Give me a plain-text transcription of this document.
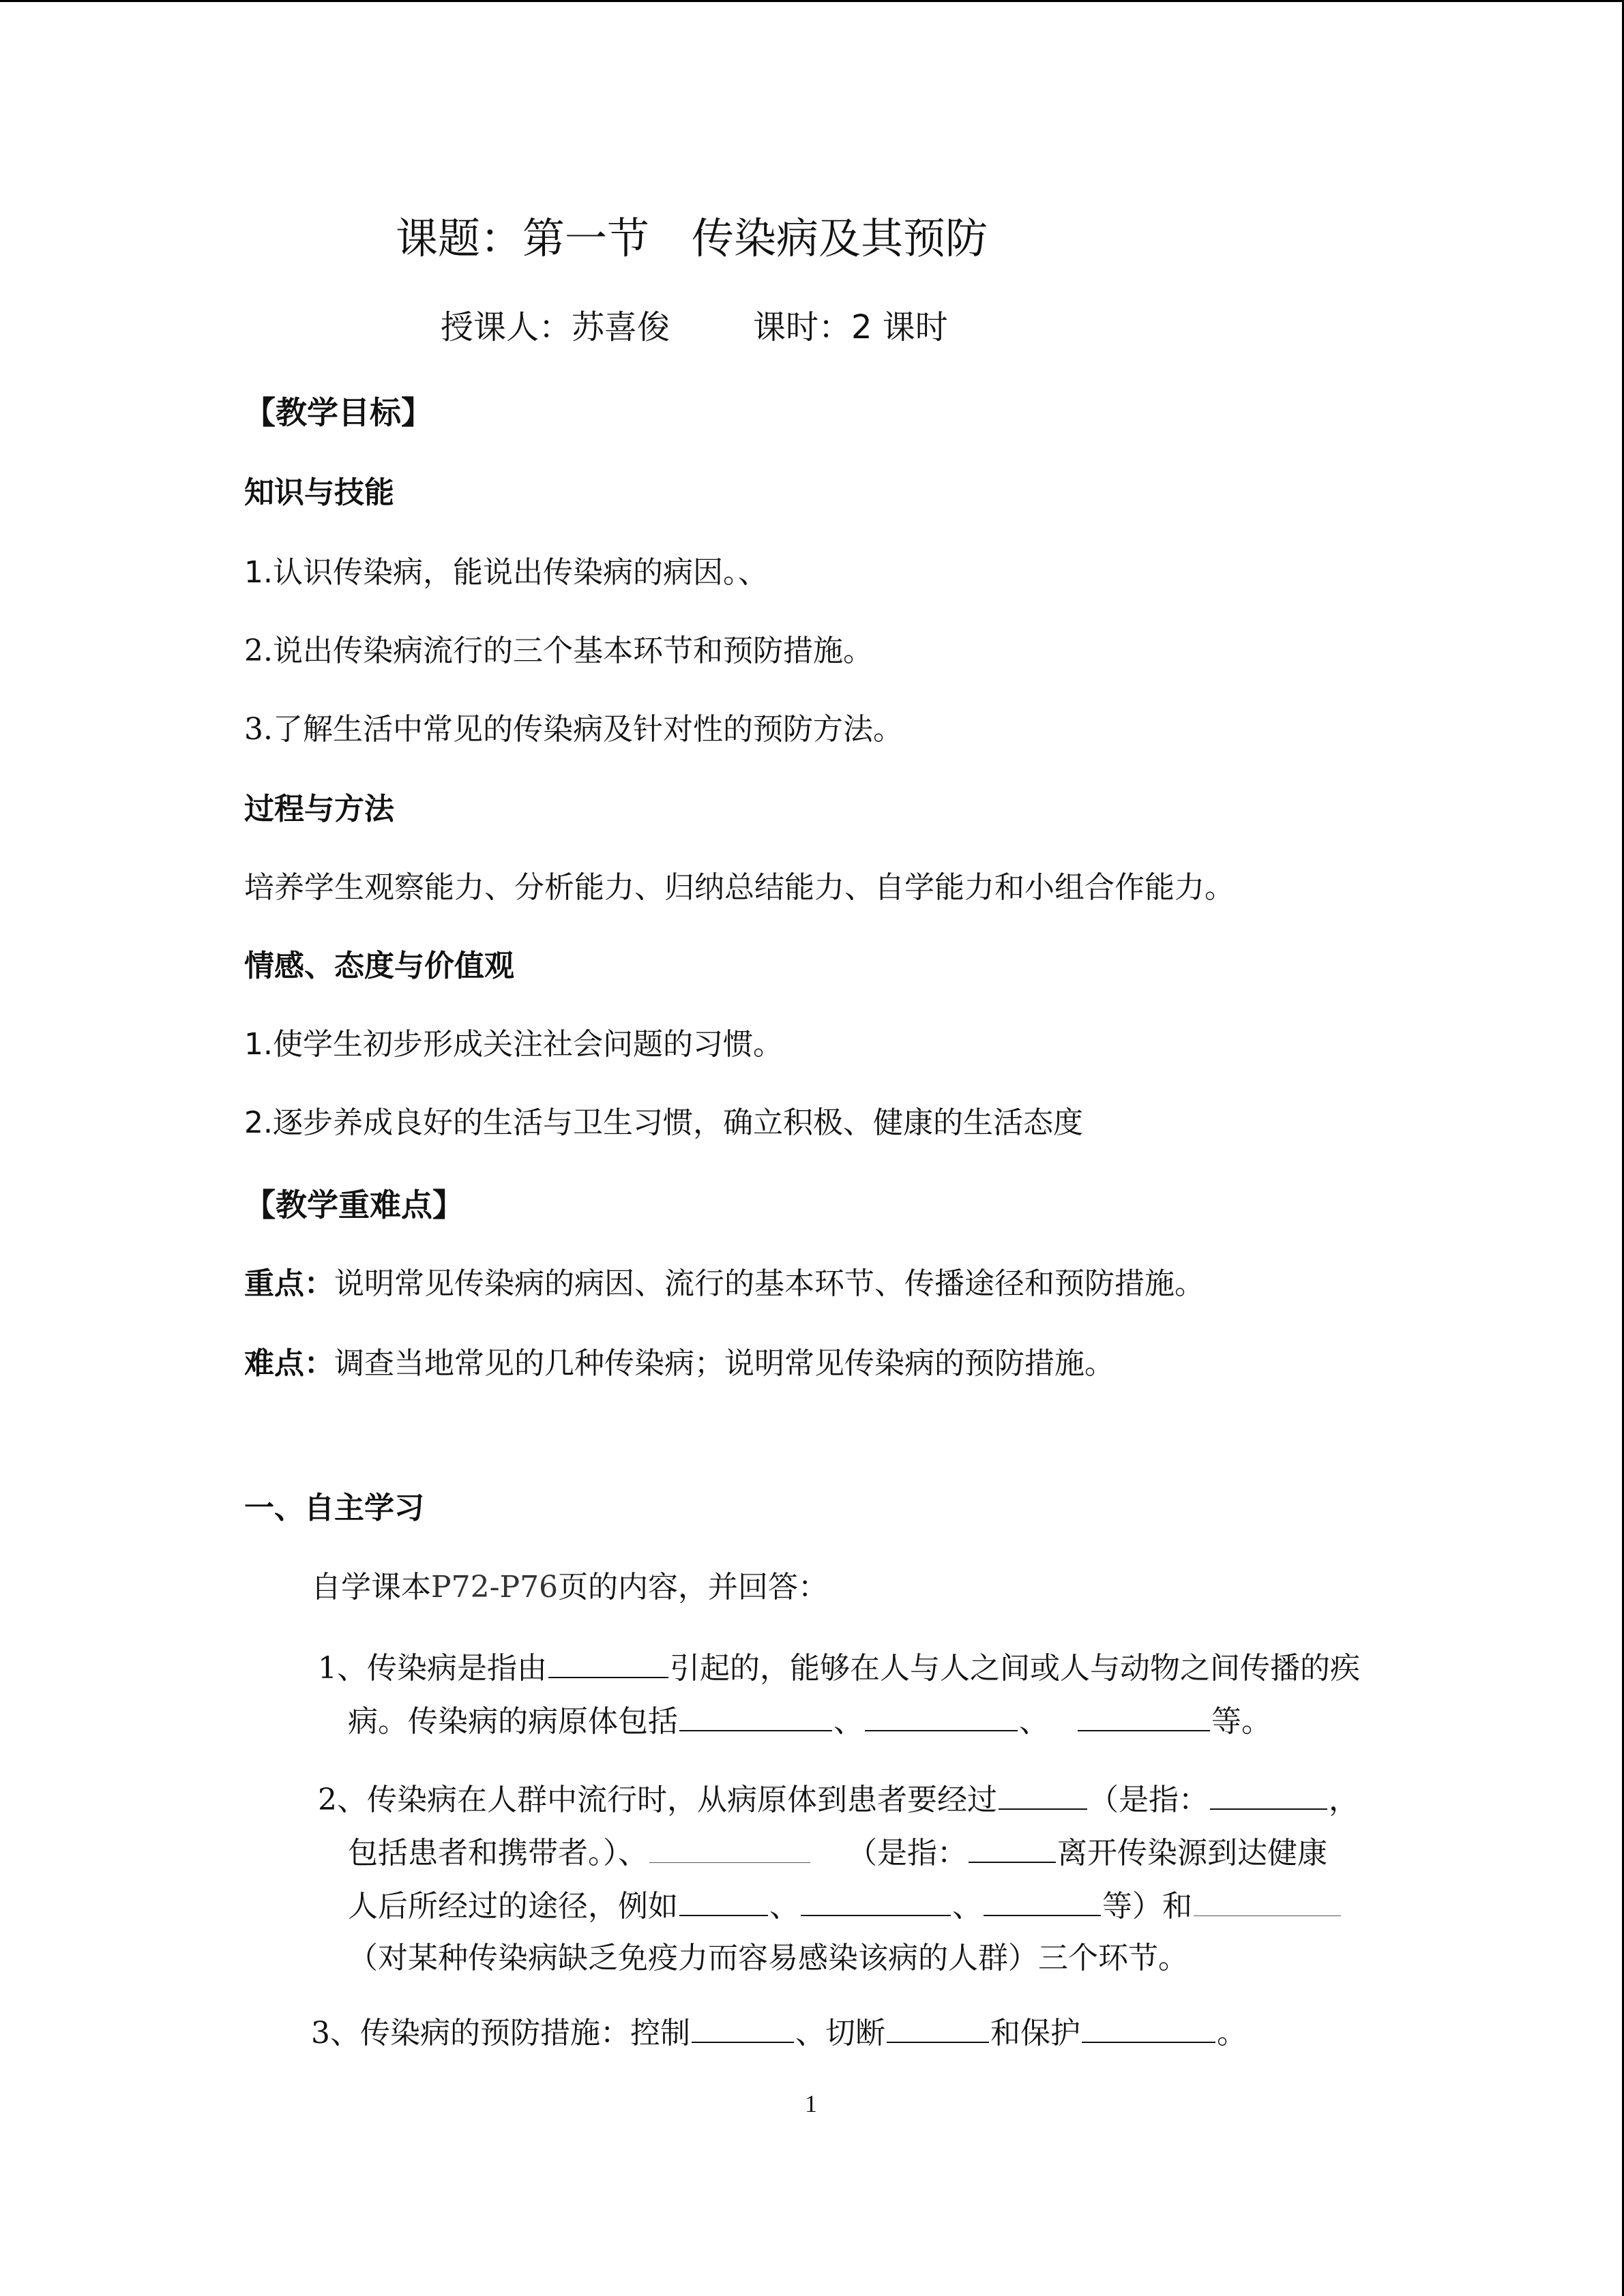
课题：第一节　传染病及其预防
授课人：苏喜俊	课时：2 课时
【教学目标】
知识与技能
1.认识传染病，能说出传染病的病因。、
2.说出传染病流行的三个基本环节和预防措施。
3.了解生活中常见的传染病及针对性的预防方法。
过程与方法
培养学生观察能力、分析能力、归纳总结能力、自学能力和小组合作能力。
情感、态度与价值观
1.使学生初步形成关注社会问题的习惯。
2.逐步养成良好的生活与卫生习惯，确立积极、健康的生活态度
【教学重难点】
重点：说明常见传染病的病因、流行的基本环节、传播途径和预防措施。
难点：调查当地常见的几种传染病；说明常见传染病的预防措施。
一、自主学习
自学课本P72-P76页的内容，并回答：
1、传染病是指由	引起的，能够在人与人之间或人与动物之间传播的疾
病。传染病的病原体包括	、	、	等。
2、传染病在人群中流行时，从病原体到患者要经过	（是指：	，
包括患者和携带者。）、	（是指：	离开传染源到达健康
人后所经过的途径，例如	、	、	等）和
（对某种传染病缺乏免疫力而容易感染该病的人群）三个环节。
3、传染病的预防措施：控制	、切断	和保护	。
1
